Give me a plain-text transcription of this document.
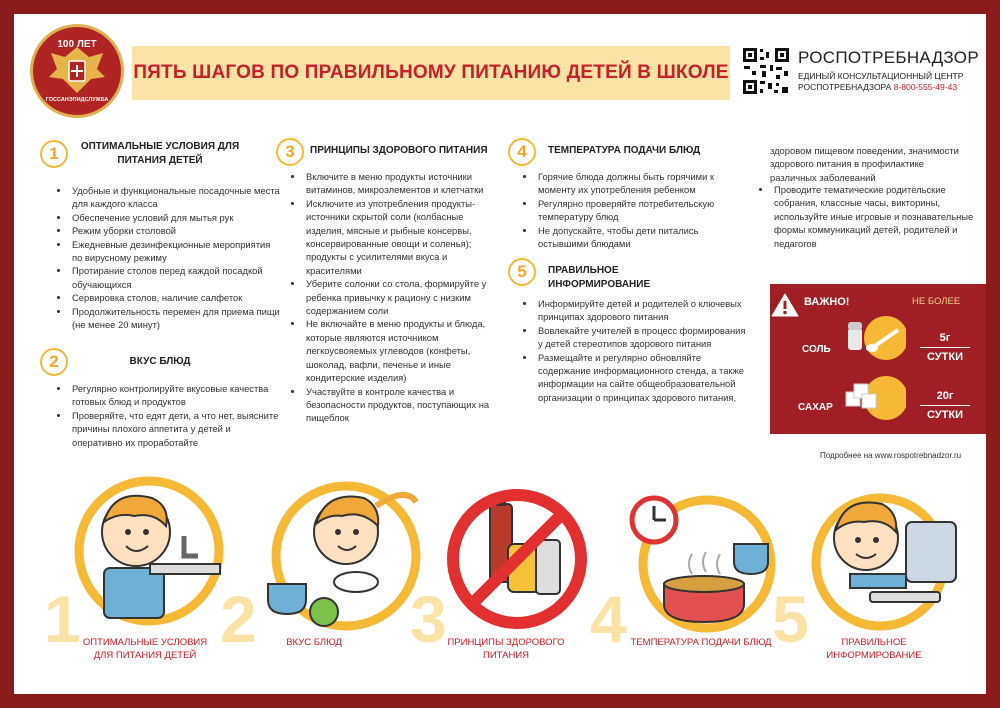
100 ЛЕТ
ГОССАНЭПИДСЛУЖБА
ПЯТЬ ШАГОВ ПО ПРАВИЛЬНОМУ ПИТАНИЮ ДЕТЕЙ В ШКОЛЕ
РОСПОТРЕБНАДЗОР
ЕДИНЫЙ КОНСУЛЬТАЦИОННЫЙ ЦЕНТР
РОСПОТРЕБНАДЗОРА 8-800-555-49-43
1	ОПТИМАЛЬНЫЕ УСЛОВИЯ ДЛЯ ПИТАНИЯ ДЕТЕЙ
• Удобные и функциональные посадочные места для каждого класса
• Обеспечение условий для мытья рук
• Режим уборки столовой
• Ежедневные дезинфекционные мероприятия по вирусному режиму
• Протирание столов перед каждой посадкой обучающихся
• Сервировка столов, наличие салфеток
• Продолжительность перемен для приема пищи (не менее 20 минут)
2	ВКУС БЛЮД
• Регулярно контролируйте вкусовые качества готовых блюд и продуктов
• Проверяйте, что едят дети, а что нет, выясните причины плохого аппетита у детей и оперативно их проработайте
3	ПРИНЦИПЫ ЗДОРОВОГО ПИТАНИЯ
• Включите в меню продукты источники витаминов, микроэлементов и клетчатки
• Исключите из употребления продукты-источники скрытой соли (колбасные изделия, мясные и рыбные консервы, консервированные овощи и соленья); продукты с усилителями вкуса и красителями
• Уберите солонки со стола, формируйте у ребенка привычку к рациону с низким содержанием соли
• Не включайте в меню продукты и блюда, которые являются источником легкоусвояемых углеводов (конфеты, шоколад, вафли, печенье и иные кондитерские изделия)
• Участвуйте в контроле качества и безопасности продуктов, поступающих на пищеблок
4	ТЕМПЕРАТУРА ПОДАЧИ БЛЮД
• Горячие блюда должны быть горячими к моменту их употребления ребенком
• Регулярно проверяйте потребительскую температуру блюд
• Не допускайте, чтобы дети питались остывшими блюдами
5	ПРАВИЛЬНОЕ ИНФОРМИРОВАНИЕ
• Информируйте детей и родителей о ключевых принципах здорового питания
• Вовлекайте учителей в процесс формирования у детей стереотипов здорового питания
• Размещайте и регулярно обновляйте содержание информационного стенда, а также информации на сайте общеобразовательной организации о принципах здорового питания,
здоровом пищевом поведении, значимости здорового питания в профилактике различных заболеваний
• Проводите тематические родительские собрания, классные часы, викторины, используйте иные игровые и познавательные формы коммуникаций детей, родителей и педагогов
ВАЖНО!	НЕ БОЛЕЕ
СОЛЬ
5г
СУТКИ
САХАР
20г
СУТКИ
Подробнее на www.rospotrebnadzor.ru
1 2 3 4 5
ОПТИМАЛЬНЫЕ УСЛОВИЯ ДЛЯ ПИТАНИЯ ДЕТЕЙ
ВКУС БЛЮД	ПРИНЦИПЫ ЗДОРОВОГО ПИТАНИЯ
ТЕМПЕРАТУРА ПОДАЧИ БЛЮД	ПРАВИЛЬНОЕ ИНФОРМИРОВАНИЕ
